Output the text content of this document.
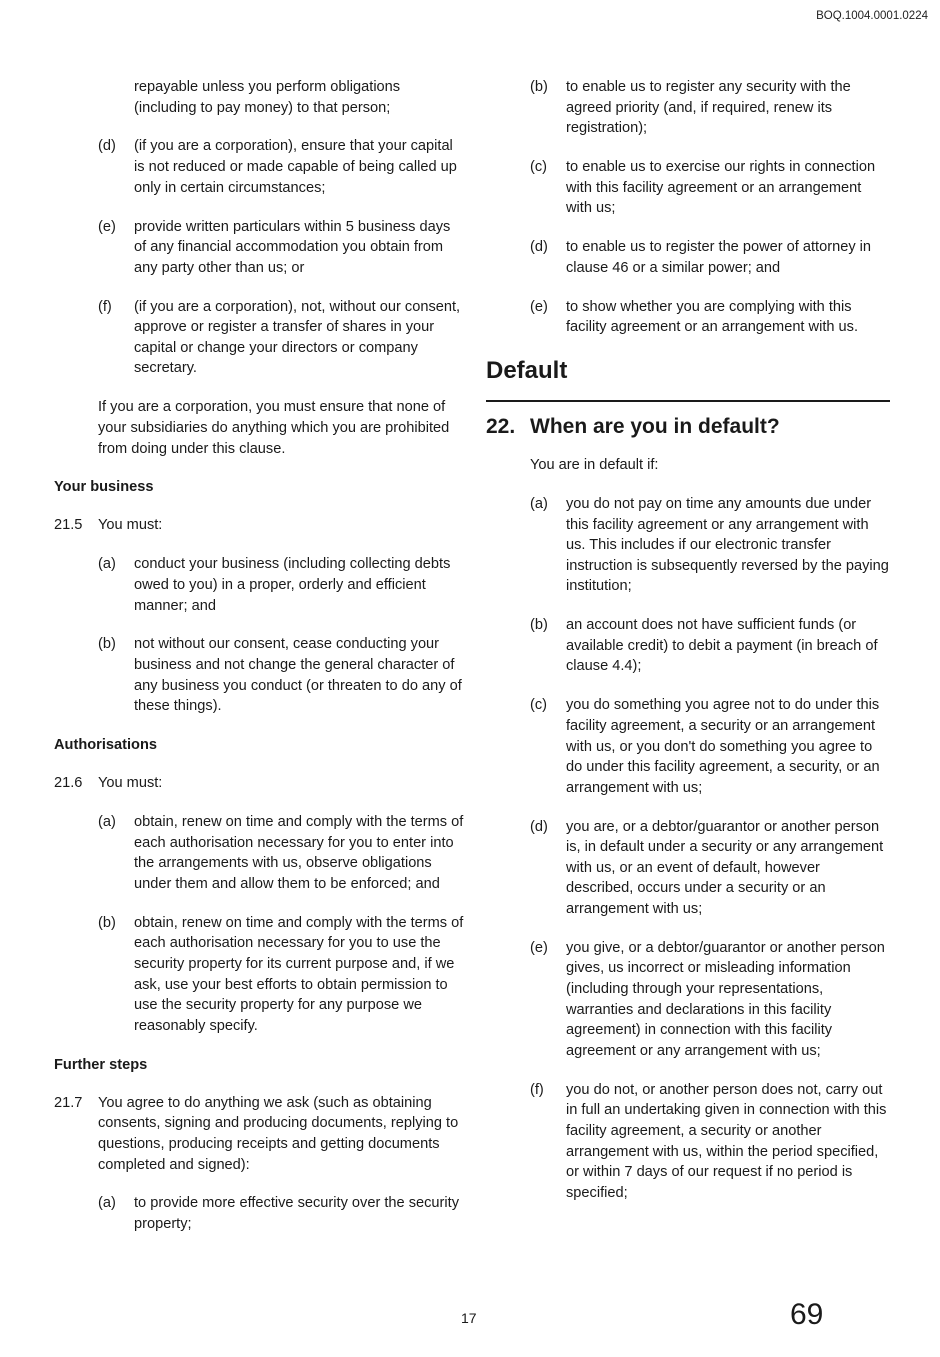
BOQ.1004.0001.0224
repayable unless you perform obligations (including to pay money) to that person;
(d)	(if you are a corporation), ensure that your capital is not reduced or made capable of being called up only in certain circumstances;
(e)	provide written particulars within 5 business days of any financial accommodation you obtain from any party other than us; or
(f)	(if you are a corporation), not, without our consent, approve or register a transfer of shares in your capital or change your directors or company secretary.
If you are a corporation, you must ensure that none of your subsidiaries do anything which you are prohibited from doing under this clause.
Your business
21.5	You must:
(a)	conduct your business (including collecting debts owed to you) in a proper, orderly and efficient manner; and
(b)	not without our consent, cease conducting your business and not change the general character of any business you conduct (or threaten to do any of these things).
Authorisations
21.6	You must:
(a)	obtain, renew on time and comply with the terms of each authorisation necessary for you to enter into the arrangements with us, observe obligations under them and allow them to be enforced; and
(b)	obtain, renew on time and comply with the terms of each authorisation necessary for you to use the security property for its current purpose and, if we ask, use your best efforts to obtain permission to use the security property for any purpose we reasonably specify.
Further steps
21.7	You agree to do anything we ask (such as obtaining consents, signing and producing documents, replying to questions, producing receipts and getting documents completed and signed):
(a)	to provide more effective security over the security property;
(b)	to enable us to register any security with the agreed priority (and, if required, renew its registration);
(c)	to enable us to exercise our rights in connection with this facility agreement or an arrangement with us;
(d)	to enable us to register the power of attorney in clause 46 or a similar power; and
(e)	to show whether you are complying with this facility agreement or an arrangement with us.
Default
22. When are you in default?
You are in default if:
(a)	you do not pay on time any amounts due under this facility agreement or any arrangement with us. This includes if our electronic transfer instruction is subsequently reversed by the paying institution;
(b)	an account does not have sufficient funds (or available credit) to debit a payment (in breach of clause 4.4);
(c)	you do something you agree not to do under this facility agreement, a security or an arrangement with us, or you don't do something you agree to do under this facility agreement, a security, or an arrangement with us;
(d)	you are, or a debtor/guarantor or another person is, in default under a security or any arrangement with us, or an event of default, however described, occurs under a security or an arrangement with us;
(e)	you give, or a debtor/guarantor or another person gives, us incorrect or misleading information (including through your representations, warranties and declarations in this facility agreement) in connection with this facility agreement or any arrangement with us;
(f)	you do not, or another person does not, carry out in full an undertaking given in connection with this facility agreement, a security or another arrangement with us, within the period specified, or within 7 days of our request if no period is specified;
17	69
